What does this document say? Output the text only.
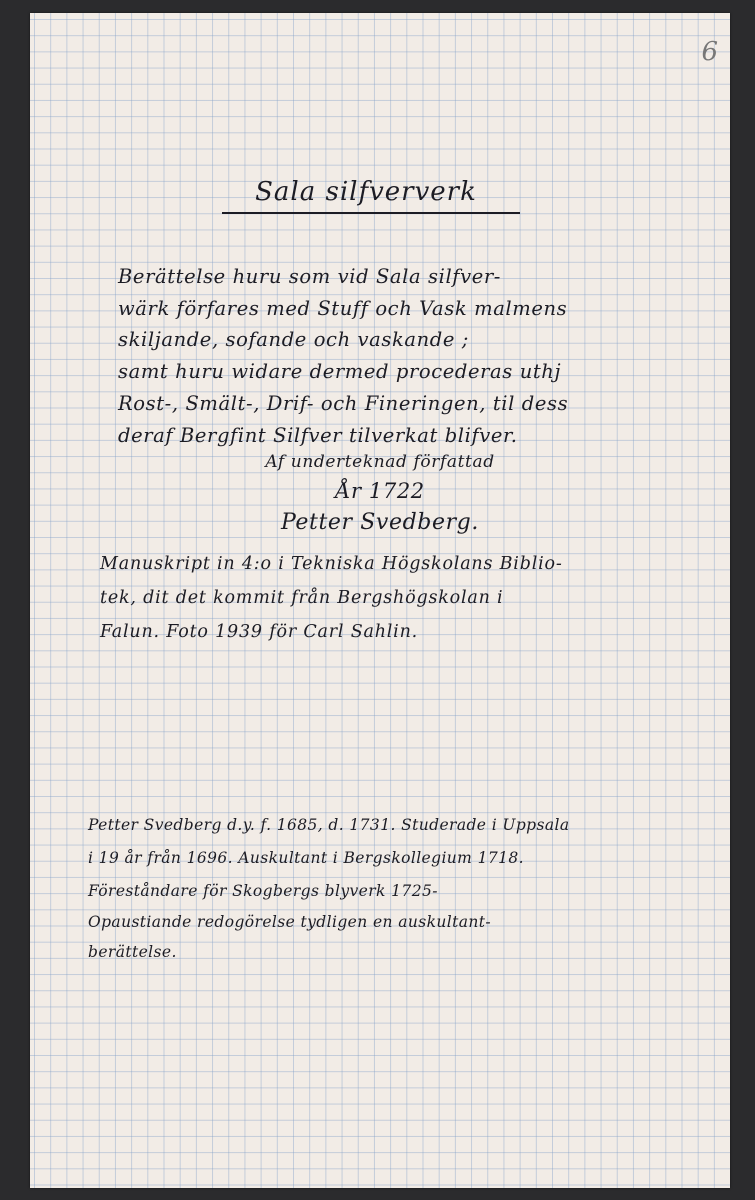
6
Sala silfververk
Berättelse huru som vid Sala silfver-
wärk förfares med Stuff och Vask malmens
skiljande, sofande och vaskande ;
samt huru widare dermed procederas uthj
Rost-, Smält-, Drif- och Fineringen, til dess
deraf Bergfint Silfver tilverkat blifver.
Af underteknad författad
År 1722
Petter Svedberg.
Manuskript in 4:o i Tekniska Högskolans Biblio-
tek, dit det kommit från Bergshögskolan i
Falun. Foto 1939 för Carl Sahlin.
Petter Svedberg d.y. f. 1685, d. 1731. Studerade i Uppsala
i 19 år från 1696. Auskultant i Bergskollegium 1718.
Föreståndare för Skogbergs blyverk 1725-
Opaustiande redogörelse tydligen en auskultant-
berättelse.
